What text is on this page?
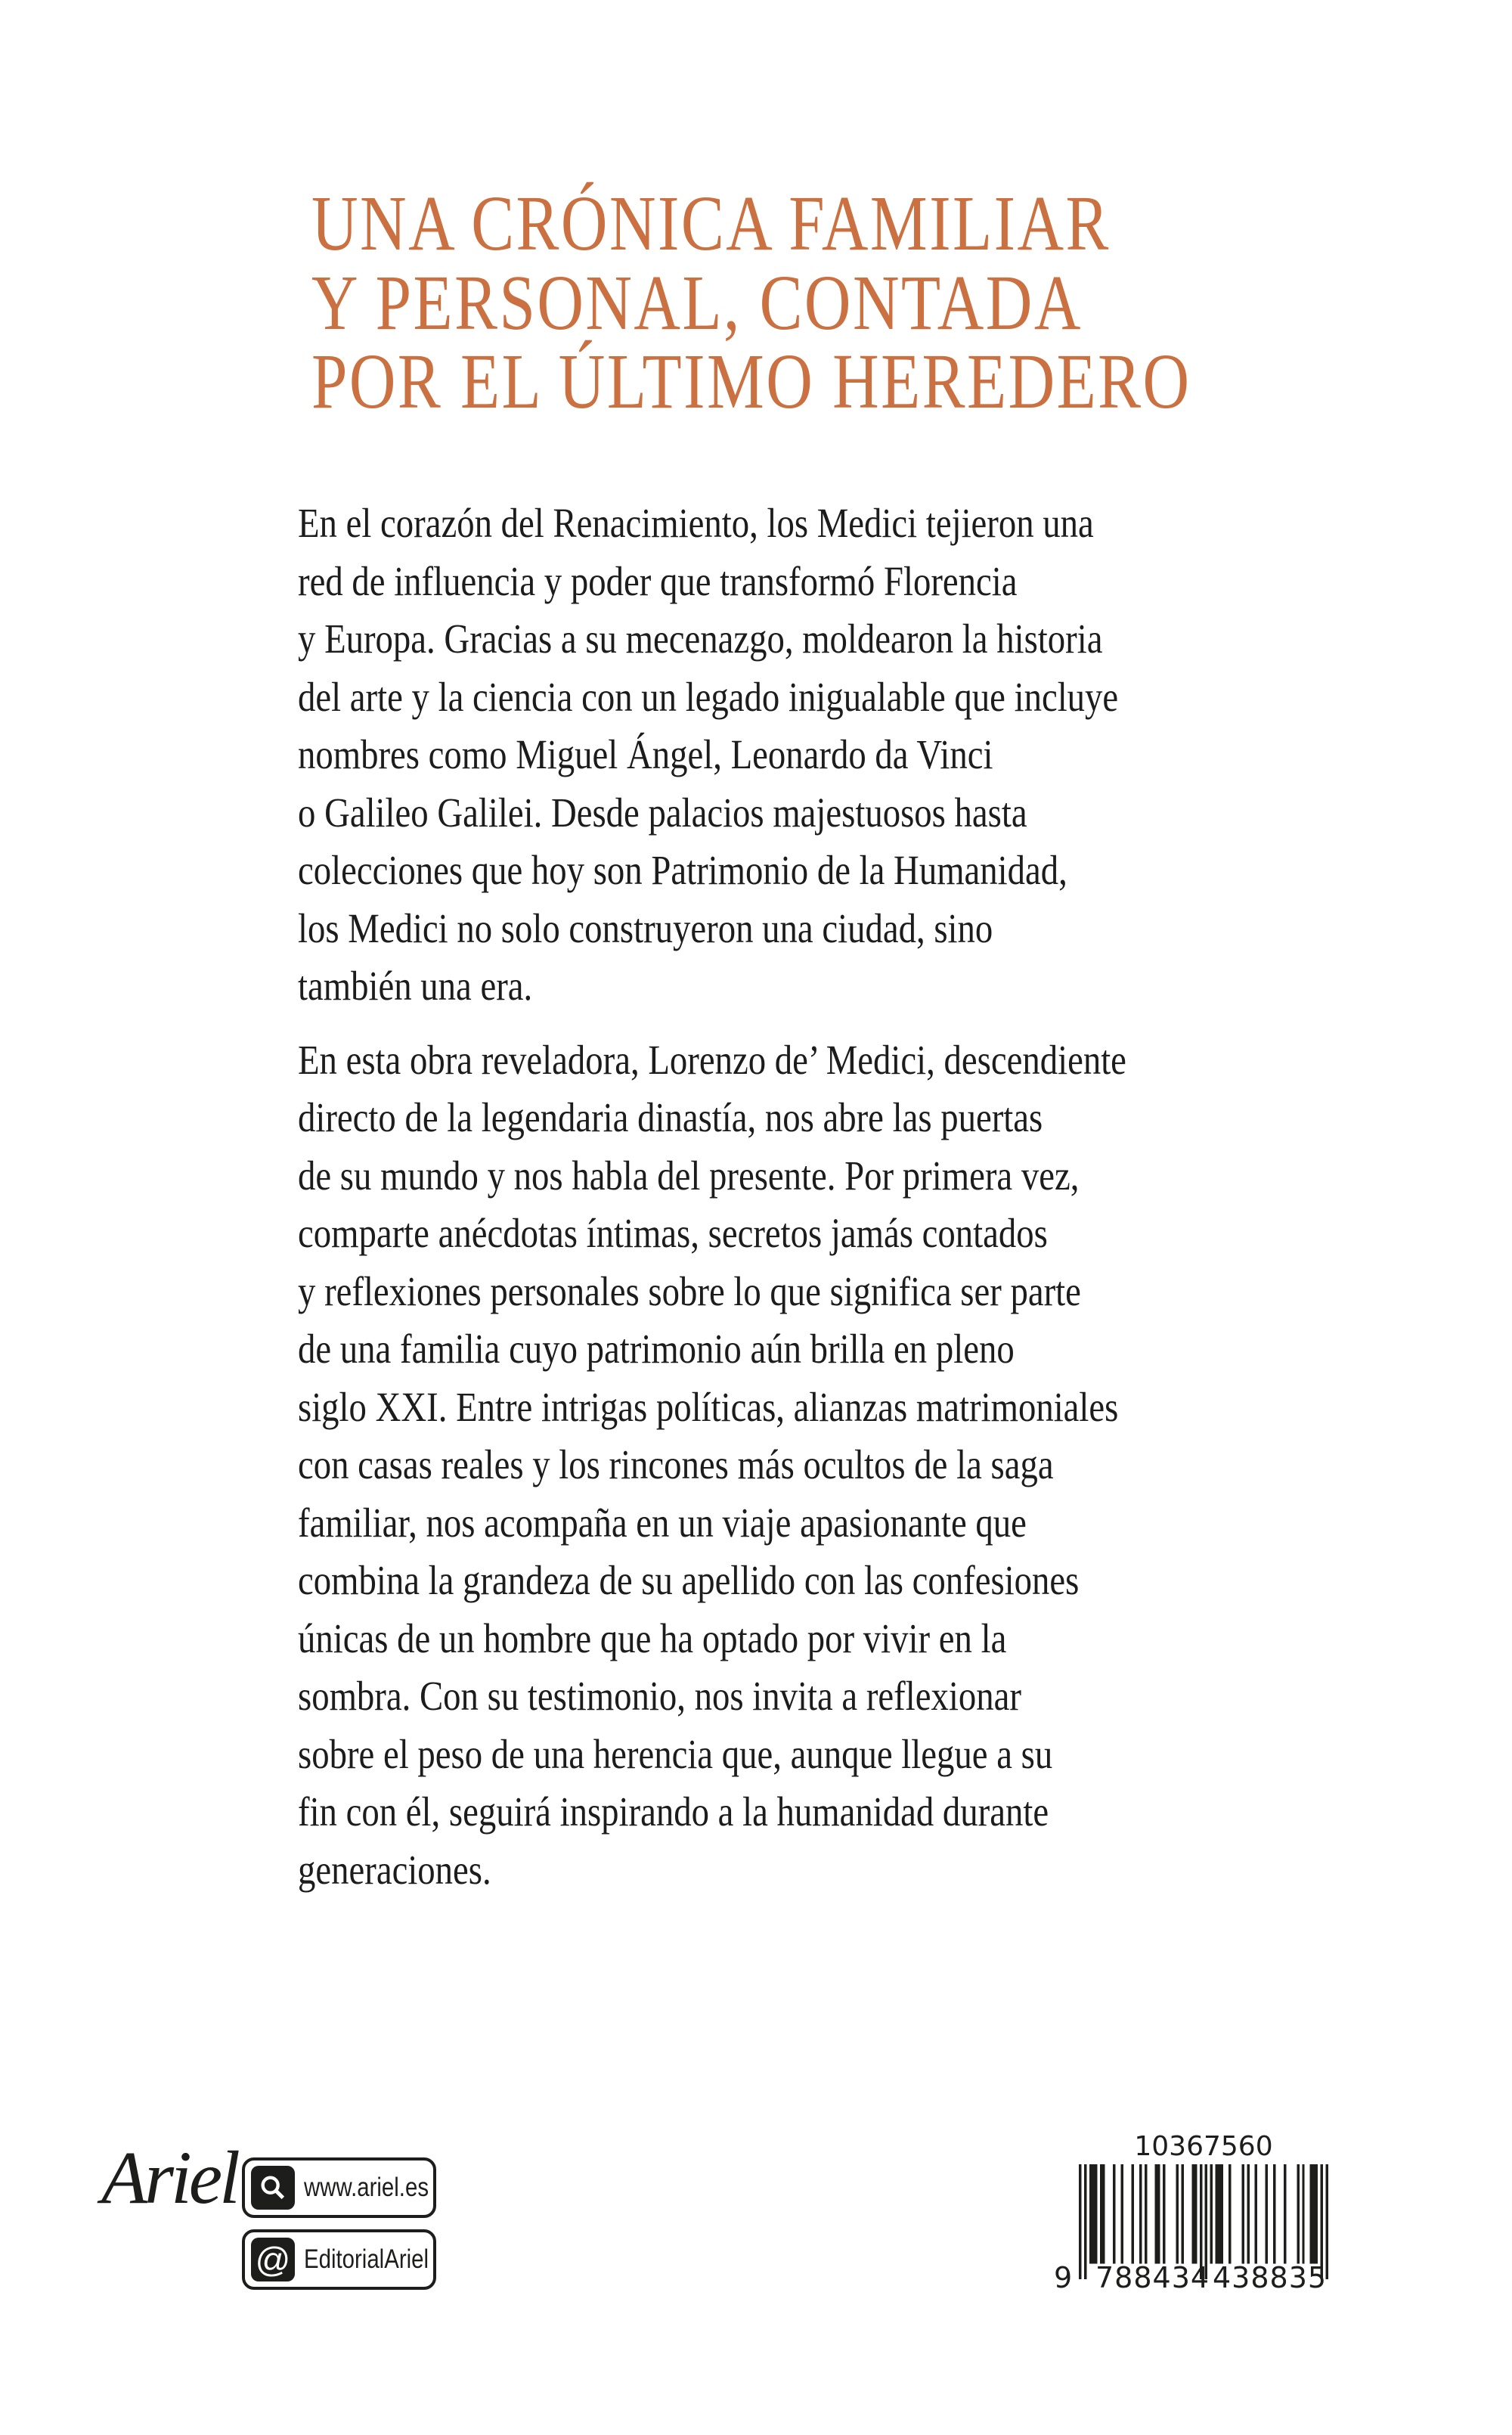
UNA CRÓNICA FAMILIAR
Y PERSONAL, CONTADA
POR EL ÚLTIMO HEREDERO
En el corazón del Renacimiento, los Medici tejieron una
red de influencia y poder que transformó Florencia
y Europa. Gracias a su mecenazgo, moldearon la historia
del arte y la ciencia con un legado inigualable que incluye
nombres como Miguel Ángel, Leonardo da Vinci
o Galileo Galilei. Desde palacios majestuosos hasta
colecciones que hoy son Patrimonio de la Humanidad,
los Medici no solo construyeron una ciudad, sino
también una era.
En esta obra reveladora, Lorenzo de’ Medici, descendiente
directo de la legendaria dinastía, nos abre las puertas
de su mundo y nos habla del presente. Por primera vez,
comparte anécdotas íntimas, secretos jamás contados
y reflexiones personales sobre lo que significa ser parte
de una familia cuyo patrimonio aún brilla en pleno
siglo XXI. Entre intrigas políticas, alianzas matrimoniales
con casas reales y los rincones más ocultos de la saga
familiar, nos acompaña en un viaje apasionante que
combina la grandeza de su apellido con las confesiones
únicas de un hombre que ha optado por vivir en la
sombra. Con su testimonio, nos invita a reflexionar
sobre el peso de una herencia que, aunque llegue a su
fin con él, seguirá inspirando a la humanidad durante
generaciones.
Ariel	www.ariel.es
@ EditorialAriel
10367560
9 788434 438835
